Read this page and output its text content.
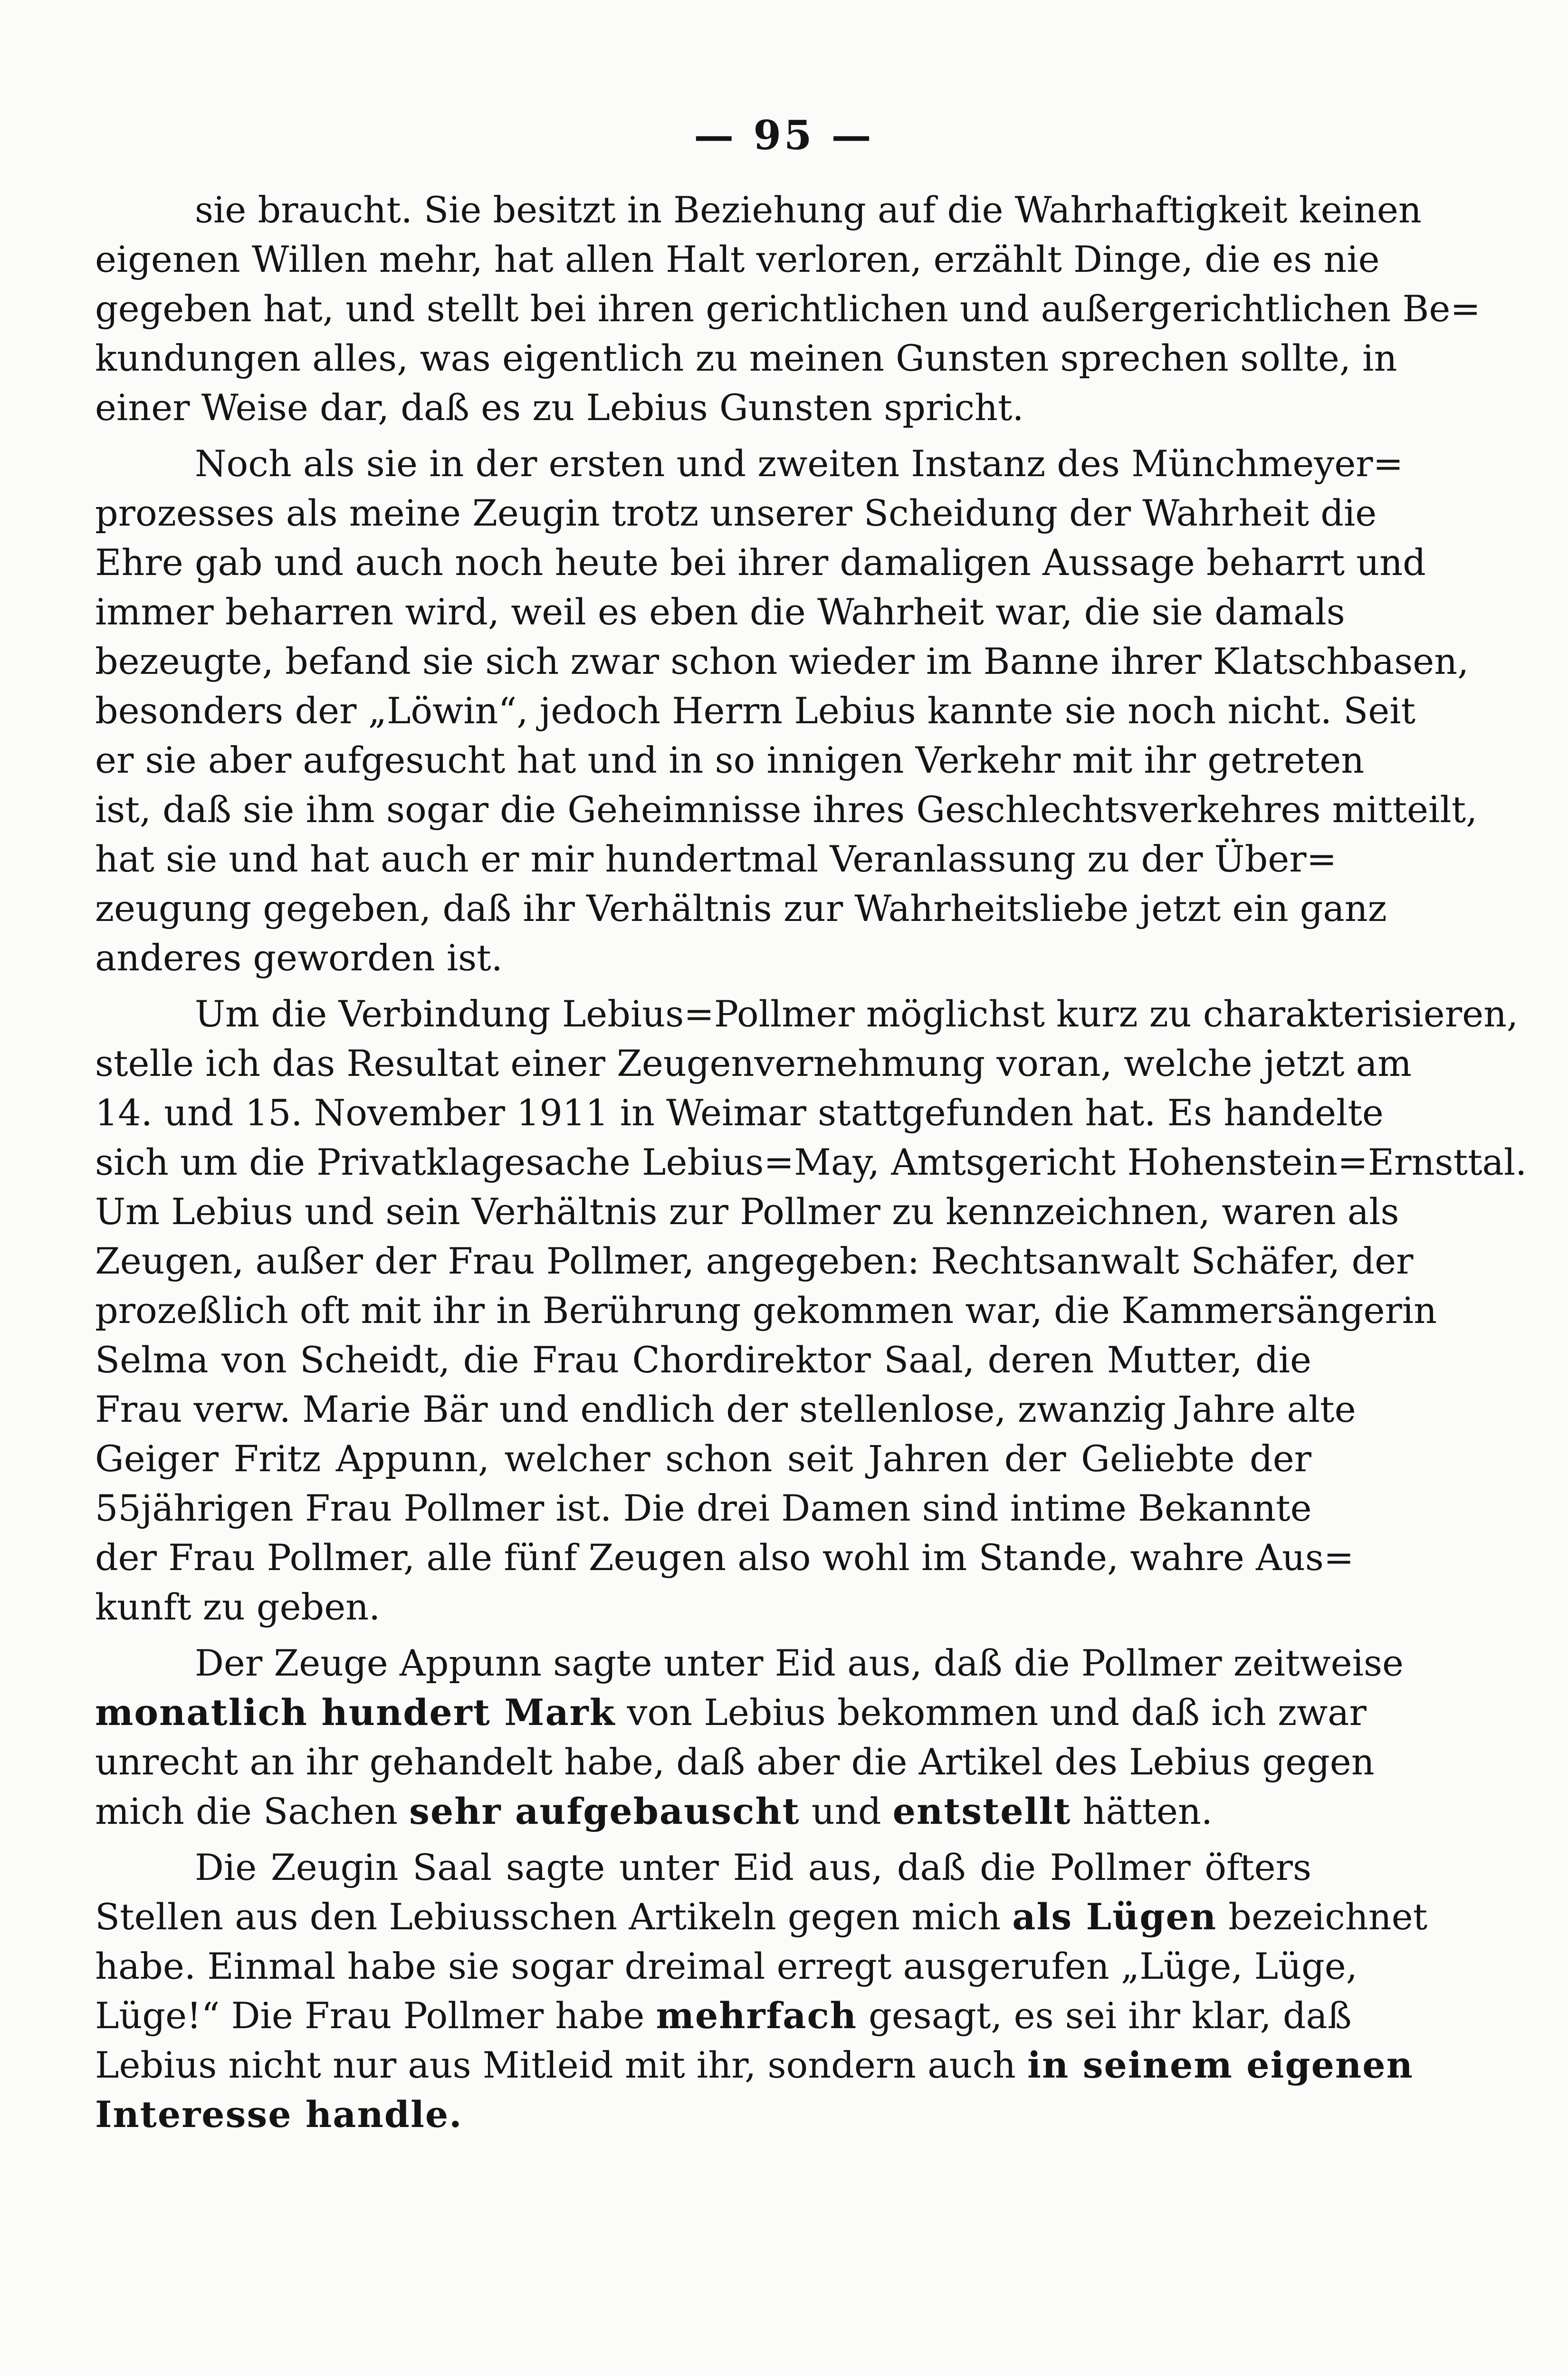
— 95 —
sie braucht. Sie besitzt in Beziehung auf die Wahrhaftigkeit keinen
eigenen Willen mehr, hat allen Halt verloren, erzählt Dinge, die es nie
gegeben hat, und stellt bei ihren gerichtlichen und außergerichtlichen Be=
kundungen alles, was eigentlich zu meinen Gunsten sprechen sollte, in
einer Weise dar, daß es zu Lebius Gunsten spricht.
Noch als sie in der ersten und zweiten Instanz des Münchmeyer=
prozesses als meine Zeugin trotz unserer Scheidung der Wahrheit die
Ehre gab und auch noch heute bei ihrer damaligen Aussage beharrt und
immer beharren wird, weil es eben die Wahrheit war, die sie damals
bezeugte, befand sie sich zwar schon wieder im Banne ihrer Klatschbasen,
besonders der „Löwin“, jedoch Herrn Lebius kannte sie noch nicht. Seit
er sie aber aufgesucht hat und in so innigen Verkehr mit ihr getreten
ist, daß sie ihm sogar die Geheimnisse ihres Geschlechtsverkehres mitteilt,
hat sie und hat auch er mir hundertmal Veranlassung zu der Über=
zeugung gegeben, daß ihr Verhältnis zur Wahrheitsliebe jetzt ein ganz
anderes geworden ist.
Um die Verbindung Lebius=Pollmer möglichst kurz zu charakterisieren,
stelle ich das Resultat einer Zeugenvernehmung voran, welche jetzt am
14. und 15. November 1911 in Weimar stattgefunden hat. Es handelte
sich um die Privatklagesache Lebius=May, Amtsgericht Hohenstein=Ernsttal.
Um Lebius und sein Verhältnis zur Pollmer zu kennzeichnen, waren als
Zeugen, außer der Frau Pollmer, angegeben: Rechtsanwalt Schäfer, der
prozeßlich oft mit ihr in Berührung gekommen war, die Kammersängerin
Selma von Scheidt, die Frau Chordirektor Saal, deren Mutter, die
Frau verw. Marie Bär und endlich der stellenlose, zwanzig Jahre alte
Geiger Fritz Appunn, welcher schon seit Jahren der Geliebte der
55jährigen Frau Pollmer ist. Die drei Damen sind intime Bekannte
der Frau Pollmer, alle fünf Zeugen also wohl im Stande, wahre Aus=
kunft zu geben.
Der Zeuge Appunn sagte unter Eid aus, daß die Pollmer zeitweise
monatlich hundert Mark von Lebius bekommen und daß ich zwar
unrecht an ihr gehandelt habe, daß aber die Artikel des Lebius gegen
mich die Sachen sehr aufgebauscht und entstellt hätten.
Die Zeugin Saal sagte unter Eid aus, daß die Pollmer öfters
Stellen aus den Lebiusschen Artikeln gegen mich als Lügen bezeichnet
habe. Einmal habe sie sogar dreimal erregt ausgerufen „Lüge, Lüge,
Lüge!“ Die Frau Pollmer habe mehrfach gesagt, es sei ihr klar, daß
Lebius nicht nur aus Mitleid mit ihr, sondern auch in seinem eigenen
Interesse handle.
